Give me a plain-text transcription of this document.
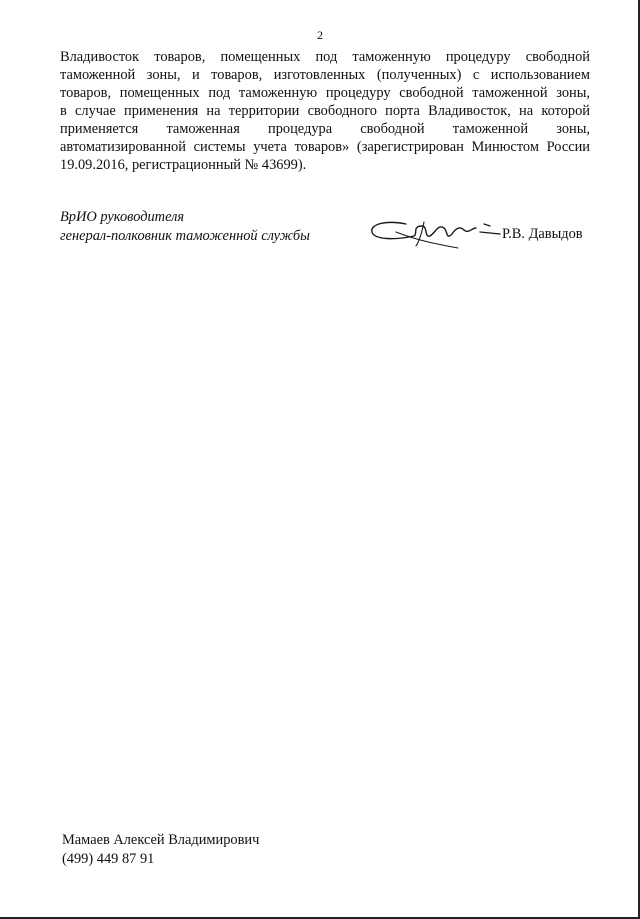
2
Владивосток товаров, помещенных под таможенную процедуру свободной
таможенной зоны, и товаров, изготовленных (полученных) с использованием
товаров, помещенных под таможенную процедуру свободной таможенной зоны,
в случае применения на территории свободного порта Владивосток, на которой
применяется таможенная процедура свободной таможенной зоны,
автоматизированной системы учета товаров» (зарегистрирован Минюстом России
19.09.2016, регистрационный № 43699).
ВрИО руководителя
генерал-полковник таможенной службы	Р.В. Давыдов
Мамаев Алексей Владимирович
(499) 449 87 91
